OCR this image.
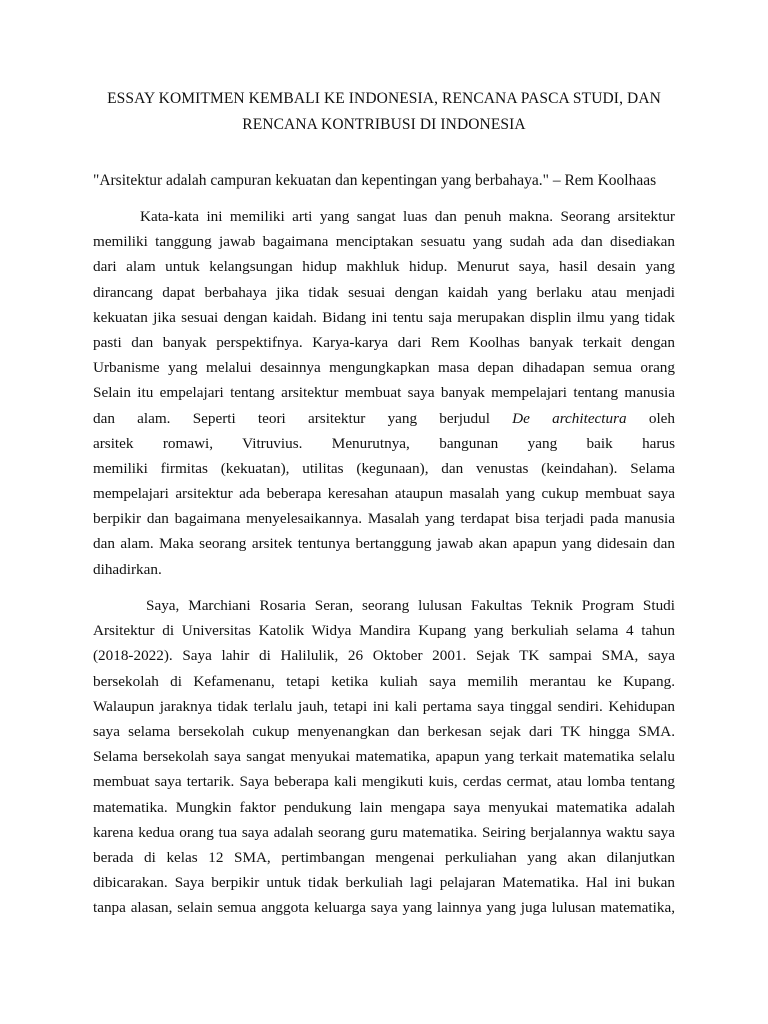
ESSAY KOMITMEN KEMBALI KE INDONESIA, RENCANA PASCA STUDI, DAN
RENCANA KONTRIBUSI DI INDONESIA
"Arsitektur adalah campuran kekuatan dan kepentingan yang berbahaya." – Rem Koolhaas
Kata-kata ini memiliki arti yang sangat luas dan penuh makna. Seorang arsitektur
memiliki tanggung jawab bagaimana menciptakan sesuatu yang sudah ada dan disediakan
dari alam untuk kelangsungan hidup makhluk hidup. Menurut saya, hasil desain yang
dirancang dapat berbahaya jika tidak sesuai dengan kaidah yang berlaku atau menjadi
kekuatan jika sesuai dengan kaidah. Bidang ini tentu saja merupakan displin ilmu yang tidak
pasti dan banyak perspektifnya. Karya-karya dari Rem Koolhas banyak terkait dengan
Urbanisme yang melalui desainnya mengungkapkan masa depan dihadapan semua orang
Selain itu empelajari tentang arsitektur membuat saya banyak mempelajari tentang manusia
dan alam. Seperti teori arsitektur yang berjudul De architectura oleh
arsitek romawi, Vitruvius. Menurutnya, bangunan yang baik harus
memiliki firmitas (kekuatan), utilitas (kegunaan), dan venustas (keindahan). Selama
mempelajari arsitektur ada beberapa keresahan ataupun masalah yang cukup membuat saya
berpikir dan bagaimana menyelesaikannya. Masalah yang terdapat bisa terjadi pada manusia
dan alam. Maka seorang arsitek tentunya bertanggung jawab akan apapun yang didesain dan
dihadirkan.
Saya, Marchiani Rosaria Seran, seorang lulusan Fakultas Teknik Program Studi
Arsitektur di Universitas Katolik Widya Mandira Kupang yang berkuliah selama 4 tahun
(2018-2022). Saya lahir di Halilulik, 26 Oktober 2001. Sejak TK sampai SMA, saya
bersekolah di Kefamenanu, tetapi ketika kuliah saya memilih merantau ke Kupang.
Walaupun jaraknya tidak terlalu jauh, tetapi ini kali pertama saya tinggal sendiri. Kehidupan
saya selama bersekolah cukup menyenangkan dan berkesan sejak dari TK hingga SMA.
Selama bersekolah saya sangat menyukai matematika, apapun yang terkait matematika selalu
membuat saya tertarik. Saya beberapa kali mengikuti kuis, cerdas cermat, atau lomba tentang
matematika. Mungkin faktor pendukung lain mengapa saya menyukai matematika adalah
karena kedua orang tua saya adalah seorang guru matematika. Seiring berjalannya waktu saya
berada di kelas 12 SMA, pertimbangan mengenai perkuliahan yang akan dilanjutkan
dibicarakan. Saya berpikir untuk tidak berkuliah lagi pelajaran Matematika. Hal ini bukan
tanpa alasan, selain semua anggota keluarga saya yang lainnya yang juga lulusan matematika,
